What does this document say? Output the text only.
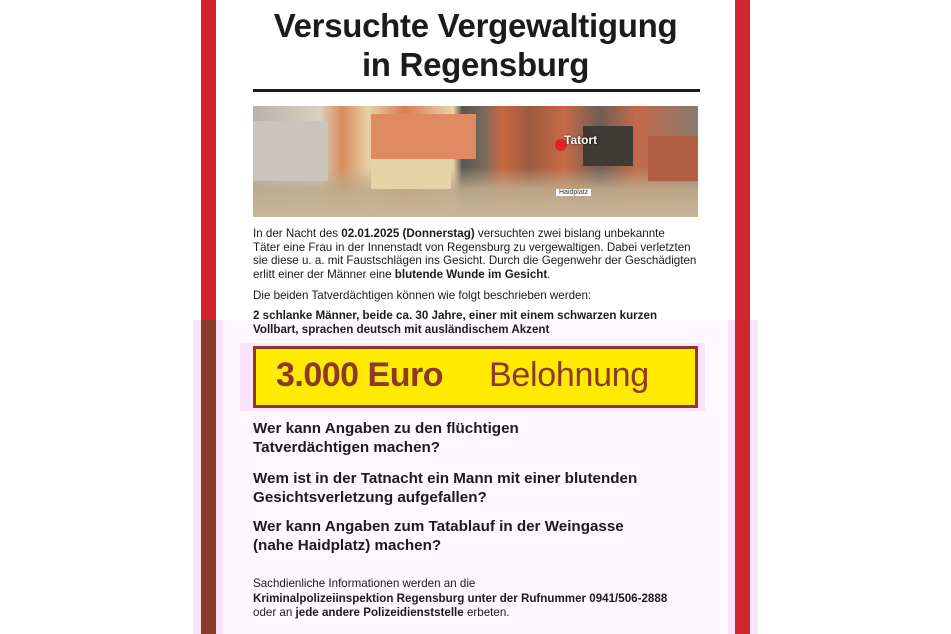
Versuchte Vergewaltigung
in Regensburg
Tatort
Haidplatz
In der Nacht des 02.01.2025 (Donnerstag) versuchten zwei bislang unbekannte
Täter eine Frau in der Innenstadt von Regensburg zu vergewaltigen. Dabei verletzten
sie diese u. a. mit Faustschlägen ins Gesicht. Durch die Gegenwehr der Geschädigten
erlitt einer der Männer eine blutende Wunde im Gesicht.
Die beiden Tatverdächtigen können wie folgt beschrieben werden:
2 schlanke Männer, beide ca. 30 Jahre, einer mit einem schwarzen kurzen
Vollbart, sprachen deutsch mit ausländischem Akzent
3.000 Euro Belohnung
Wer kann Angaben zu den flüchtigen
Tatverdächtigen machen?
Wem ist in der Tatnacht ein Mann mit einer blutenden
Gesichtsverletzung aufgefallen?
Wer kann Angaben zum Tatablauf in der Weingasse
(nahe Haidplatz) machen?
Sachdienliche Informationen werden an die
Kriminalpolizeiinspektion Regensburg unter der Rufnummer 0941/506-2888
oder an jede andere Polizeidienststelle erbeten.
